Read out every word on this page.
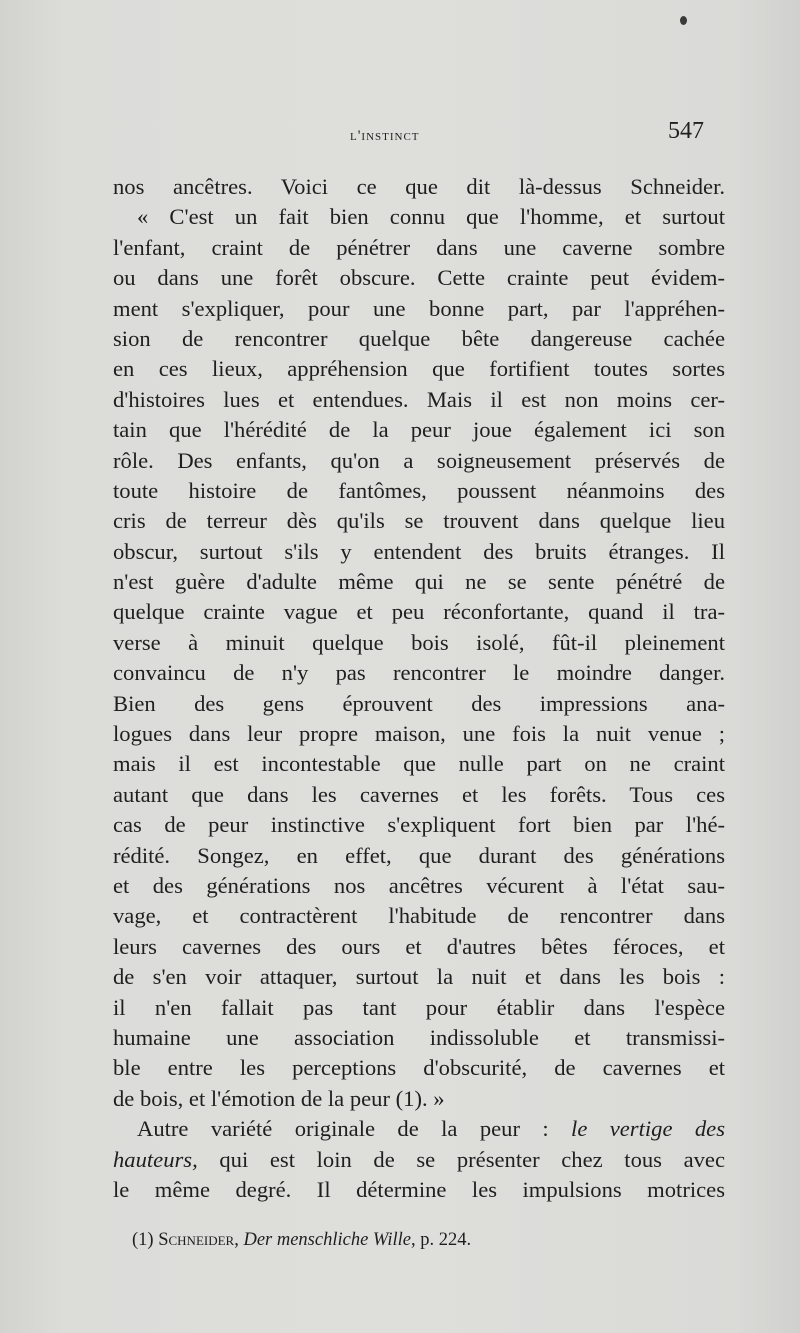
l'instinct	547
nos ancêtres. Voici ce que dit là-dessus Schneider.
« C'est un fait bien connu que l'homme, et surtout
l'enfant, craint de pénétrer dans une caverne sombre
ou dans une forêt obscure. Cette crainte peut évidem-
ment s'expliquer, pour une bonne part, par l'appréhen-
sion de rencontrer quelque bête dangereuse cachée
en ces lieux, appréhension que fortifient toutes sortes
d'histoires lues et entendues. Mais il est non moins cer-
tain que l'hérédité de la peur joue également ici son
rôle. Des enfants, qu'on a soigneusement préservés de
toute histoire de fantômes, poussent néanmoins des
cris de terreur dès qu'ils se trouvent dans quelque lieu
obscur, surtout s'ils y entendent des bruits étranges. Il
n'est guère d'adulte même qui ne se sente pénétré de
quelque crainte vague et peu réconfortante, quand il tra-
verse à minuit quelque bois isolé, fût-il pleinement
convaincu de n'y pas rencontrer le moindre danger.
Bien des gens éprouvent des impressions ana-
logues dans leur propre maison, une fois la nuit venue ;
mais il est incontestable que nulle part on ne craint
autant que dans les cavernes et les forêts. Tous ces
cas de peur instinctive s'expliquent fort bien par l'hé-
rédité. Songez, en effet, que durant des générations
et des générations nos ancêtres vécurent à l'état sau-
vage, et contractèrent l'habitude de rencontrer dans
leurs cavernes des ours et d'autres bêtes féroces, et
de s'en voir attaquer, surtout la nuit et dans les bois :
il n'en fallait pas tant pour établir dans l'espèce
humaine une association indissoluble et transmissi-
ble entre les perceptions d'obscurité, de cavernes et
de bois, et l'émotion de la peur (1). »
Autre variété originale de la peur : le vertige des
hauteurs, qui est loin de se présenter chez tous avec
le même degré. Il détermine les impulsions motrices
(1) Schneider, Der menschliche Wille, p. 224.
